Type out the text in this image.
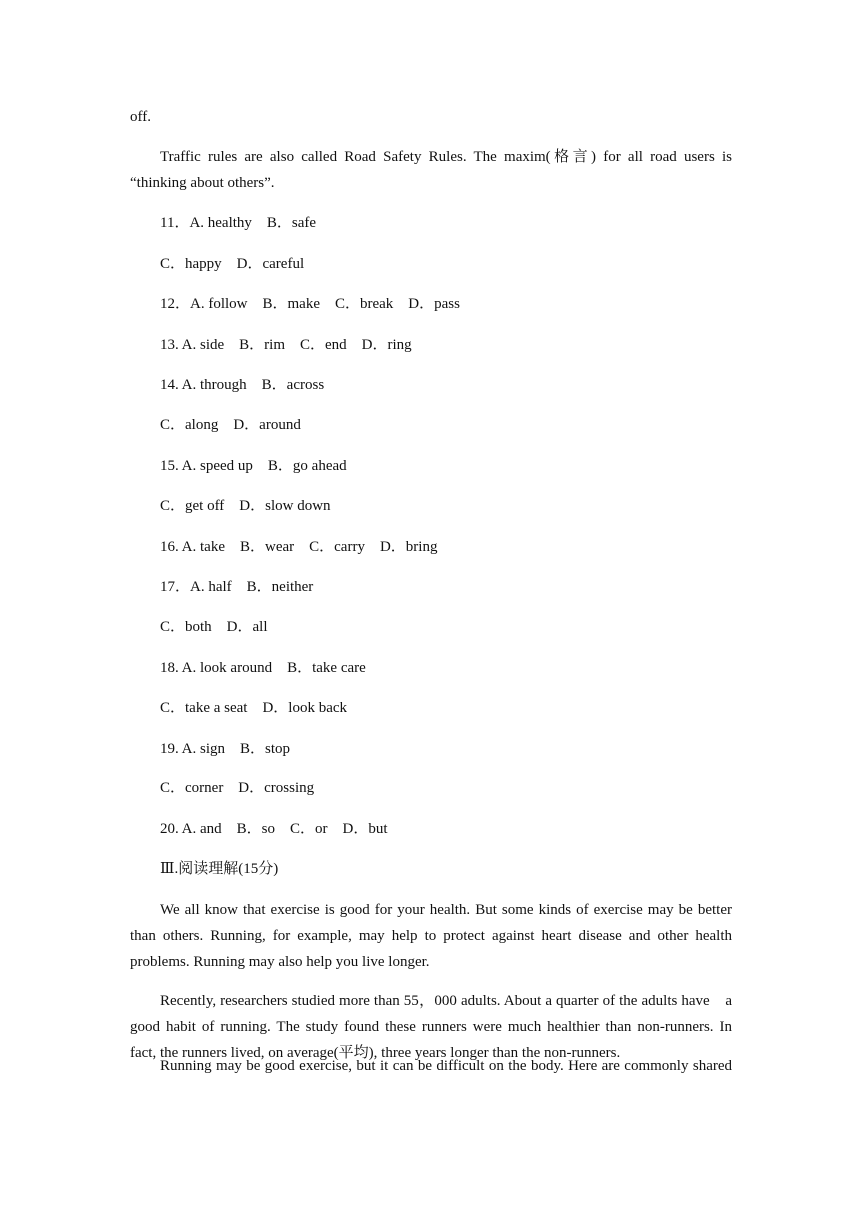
off.
Traffic rules are also called Road Safety Rules. The maxim(格言) for all road users is
“thinking about others”.
11．A. healthy　B．safe
C．happy　D．careful
12．A. follow　B．make　C．break　D．pass
13. A. side　B．rim　C．end　D．ring
14. A. through　B．across
C．along　D．around
15. A. speed up　B．go ahead
C．get off　D．slow down
16. A. take　B．wear　C．carry　D．bring
17．A. half　B．neither
C．both　D．all
18. A. look around　B．take care
C．take a seat　D．look back
19. A. sign　B．stop
C．corner　D．crossing
20. A. and　B．so　C．or　D．but
Ⅲ.阅读理解(15分)
We all know that exercise is good for your health. But some kinds of exercise may be better
than others. Running, for example, may help to protect against heart disease and other health
problems. Running may also help you live longer.
Recently, researchers studied more than 55，000 adults. About a quarter of the adults have　a
good habit of running. The study found these runners were much healthier than non-runners. In
fact, the runners lived, on average(平均), three years longer than the non-runners.
Running may be good exercise, but it can be difficult on the body. Here are commonly shared
